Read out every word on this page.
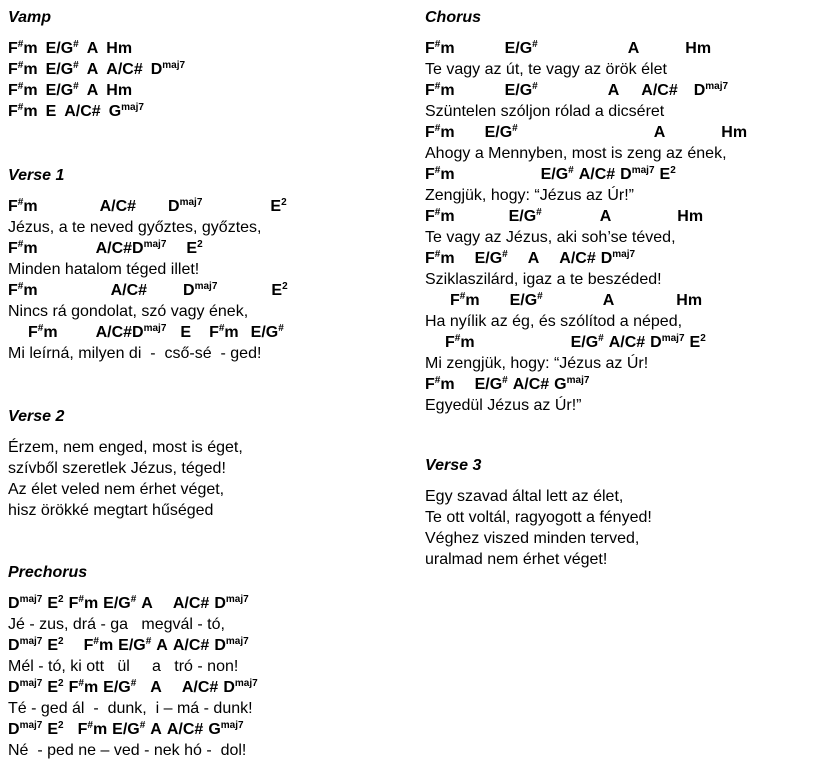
Vamp
F#m E/G# A Hm
F#m E/G# A A/C# $D^{maj7}$
F#m E/G# A Hm
F#m E A/C# $G^{maj7}$
Verse 1
F#m	A/C# $D^{maj7}$	$E^2$
Jézus, a te neved győztes, győztes,
F#m	$A/C\#D^{maj7}$ $E^2$
Minden hatalom téged illet!
F#m	A/C# $D^{maj7}$	$E^2$
Nincs rá gondolat, szó vagy ének,
F#m $A/C\#D^{maj7}$ E F#m E/G#
Mi leírná, milyen di  -  cső-sé  - ged!
Verse 2
Érzem, nem enged, most is éget,
szívből szeretlek Jézus, téged!
Az élet veled nem érhet véget,
hisz örökké megtart hűséged
Prechorus
$D^{maj7}$ $E^2$ F#m E/G# A A/C# $D^{maj7}$
Jé - zus, drá - ga   megvál - tó,
$D^{maj7}$ $E^2$ F#m E/G# A A/C# $D^{maj7}$
Mél - tó, ki ott   ül     a   tró - non!
$D^{maj7}$ $E^2$ F#m E/G# A A/C# $D^{maj7}$
Té - ged ál  -  dunk,  i – má - dunk!
$D^{maj7}$ $E^2$ F#m E/G# A A/C# $G^{maj7}$
Né  - ped ne – ved - nek hó -  dol!
Chorus
F#m	E/G#	A	Hm
Te vagy az út, te vagy az örök élet
F#m	E/G#	A A/C# $D^{maj7}$
Szüntelen szóljon rólad a dicséret
F#m E/G#	A	Hm
Ahogy a Mennyben, most is zeng az ének,
F#m	E/G# A/C# $D^{maj7}$ $E^2$
Zengjük, hogy: “Jézus az Úr!”
F#m	E/G#	A	Hm
Te vagy az Jézus, aki soh’se téved,
F#m E/G# A A/C# $D^{maj7}$
Sziklaszilárd, igaz a te beszéded!
F#m E/G#	A	Hm
Ha nyílik az ég, és szólítod a néped,
F#m	E/G# A/C# $D^{maj7}$ $E^2$
Mi zengjük, hogy: “Jézus az Úr!
F#m E/G# A/C# $G^{maj7}$
Egyedül Jézus az Úr!”
Verse 3
Egy szavad által lett az élet,
Te ott voltál, ragyogott a fényed!
Véghez viszed minden terved,
uralmad nem érhet véget!
